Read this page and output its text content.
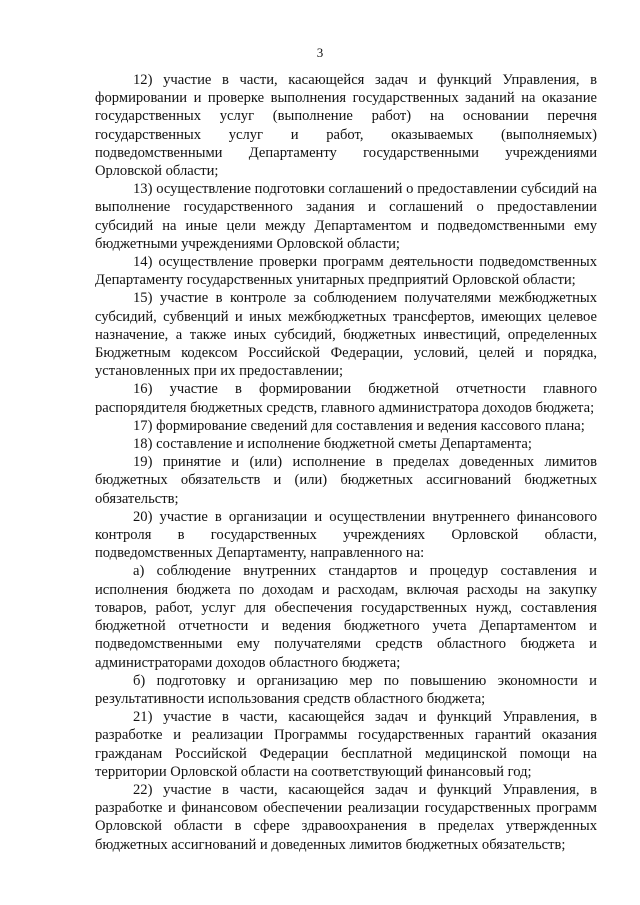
3

12) участие в части, касающейся задач и функций Управления, в формировании и проверке выполнения государственных заданий на оказание государственных услуг (выполнение работ) на основании перечня государственных услуг и работ, оказываемых (выполняемых) подведомственными Департаменту государственными учреждениями Орловской области;

13) осуществление подготовки соглашений о предоставлении субсидий на выполнение государственного задания и соглашений о предоставлении субсидий на иные цели между Департаментом и подведомственными ему бюджетными учреждениями Орловской области;

14) осуществление проверки программ деятельности подведомственных Департаменту государственных унитарных предприятий Орловской области;

15) участие в контроле за соблюдением получателями межбюджетных субсидий, субвенций и иных межбюджетных трансфертов, имеющих целевое назначение, а также иных субсидий, бюджетных инвестиций, определенных Бюджетным кодексом Российской Федерации, условий, целей и порядка, установленных при их предоставлении;

16) участие в формировании бюджетной отчетности главного распорядителя бюджетных средств, главного администратора доходов бюджета;

17) формирование сведений для составления и ведения кассового плана;

18) составление и исполнение бюджетной сметы Департамента;

19) принятие и (или) исполнение в пределах доведенных лимитов бюджетных обязательств и (или) бюджетных ассигнований бюджетных обязательств;

20) участие в организации и осуществлении внутреннего финансового контроля в государственных учреждениях Орловской области, подведомственных Департаменту, направленного на:

а) соблюдение внутренних стандартов и процедур составления и исполнения бюджета по доходам и расходам, включая расходы на закупку товаров, работ, услуг для обеспечения государственных нужд, составления бюджетной отчетности и ведения бюджетного учета Департаментом и подведомственными ему получателями средств областного бюджета и администраторами доходов областного бюджета;

б) подготовку и организацию мер по повышению экономности и результативности использования средств областного бюджета;

21) участие в части, касающейся задач и функций Управления, в разработке и реализации Программы государственных гарантий оказания гражданам Российской Федерации бесплатной медицинской помощи на территории Орловской области на соответствующий финансовый год;

22) участие в части, касающейся задач и функций Управления, в разработке и финансовом обеспечении реализации государственных программ Орловской области в сфере здравоохранения в пределах утвержденных бюджетных ассигнований и доведенных лимитов бюджетных обязательств;
